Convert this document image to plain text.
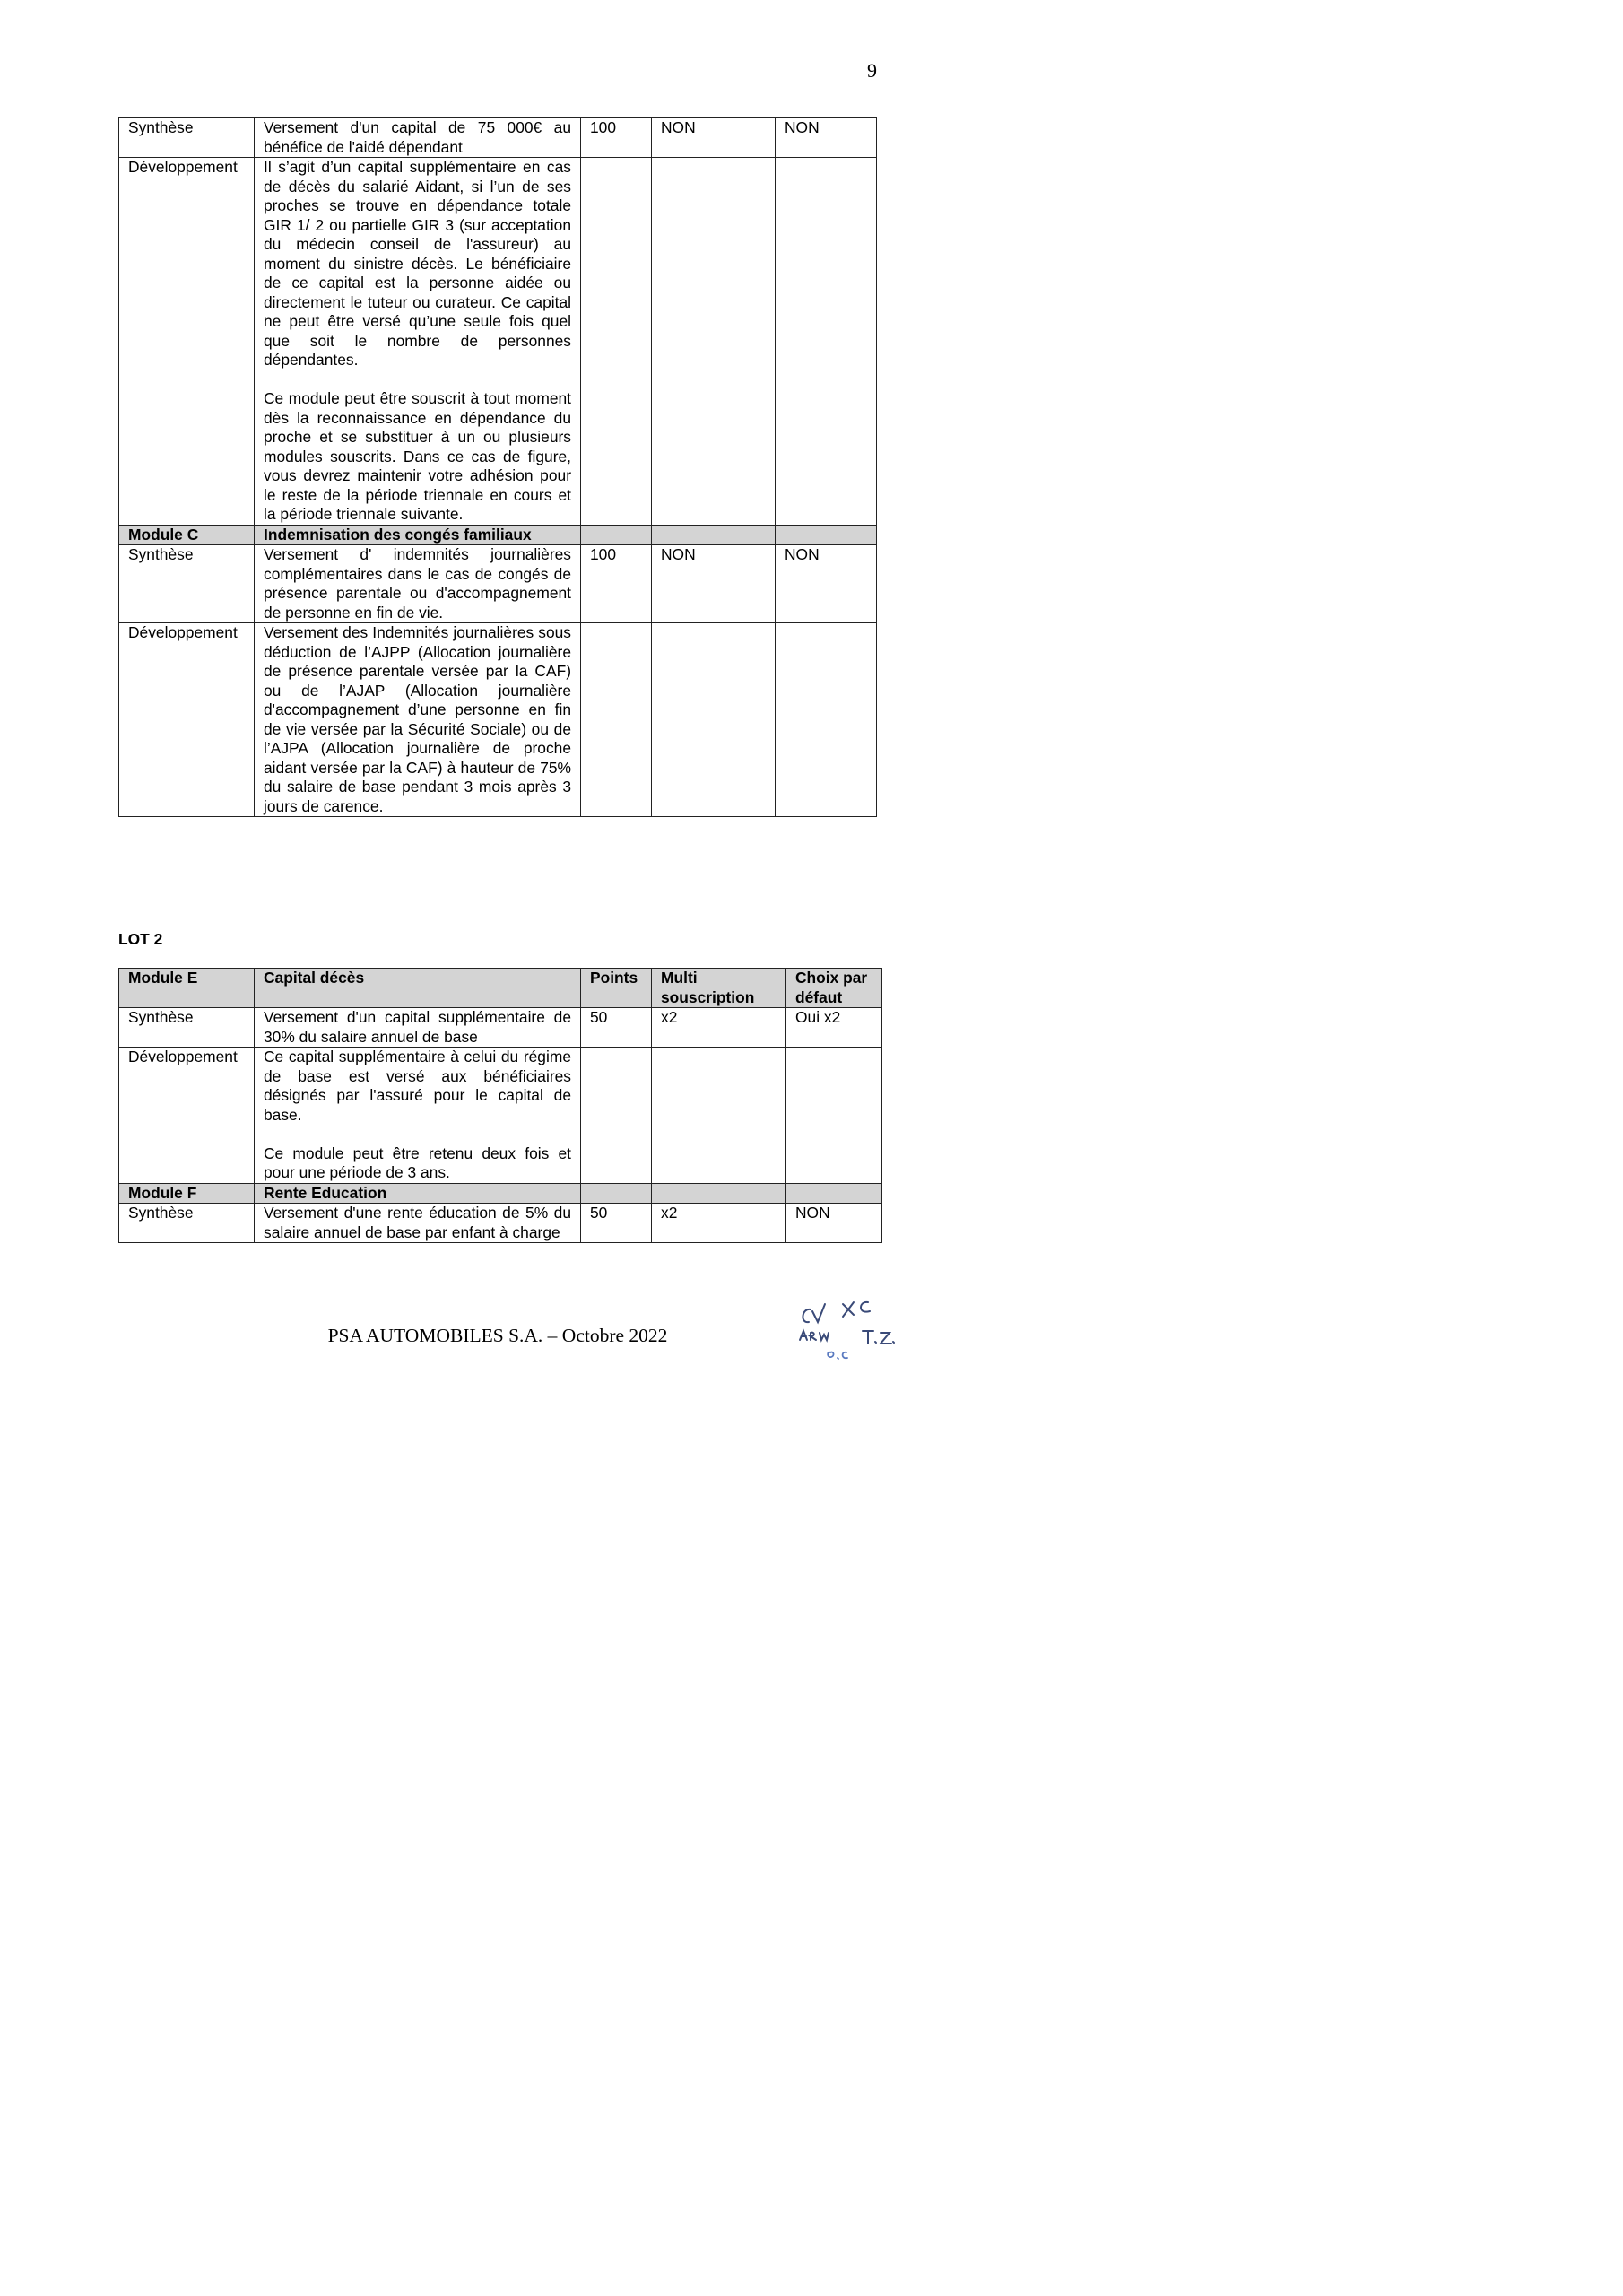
9
Synthèse	Versement d'un capital de 75 000€ au bénéfice de l'aidé dépendant	100	NON	NON
Développement	Il s’agit d’un capital supplémentaire en cas de décès du salarié Aidant, si l’un de ses proches se trouve en dépendance totale GIR 1/ 2 ou partielle GIR 3 (sur acceptation du médecin conseil de l'assureur) au moment du sinistre décès. Le bénéficiaire de ce capital est la personne aidée ou directement le tuteur ou curateur. Ce capital ne peut être versé qu’une seule fois quel que soit le nombre de personnes dépendantes.
Ce module peut être souscrit à tout moment dès la reconnaissance en dépendance du proche et se substituer à un ou plusieurs modules souscrits. Dans ce cas de figure, vous devrez maintenir votre adhésion pour le reste de la période triennale en cours et la période triennale suivante.			

Module C	Indemnisation des congés familiaux			

Synthèse	Versement d' indemnités journalières complémentaires dans le cas de congés de présence parentale ou d'accompagnement de personne en fin de vie.	100	NON	NON
Développement	Versement des Indemnités journalières sous déduction de l’AJPP (Allocation journalière de présence parentale versée par la CAF) ou de l’AJAP (Allocation journalière d'accompagnement d’une personne en fin de vie versée par la Sécurité Sociale) ou de l’AJPA (Allocation journalière de proche aidant versée par la CAF) à hauteur de 75% du salaire de base pendant 3 mois après 3 jours de carence.			

LOT 2
Module E	Capital décès	Points	Multi souscription	Choix par défaut
Synthèse	Versement d'un capital supplémentaire de 30% du salaire annuel de base	50	x2	Oui x2
Développement	Ce capital supplémentaire à celui du régime de base est versé aux bénéficiaires désignés par l'assuré pour le capital de base.
Ce module peut être retenu deux fois et pour une période de 3 ans.			

Module F	Rente Education			

Synthèse	Versement d'une rente éducation de 5% du salaire annuel de base par enfant à charge	50	x2	NON
PSA AUTOMOBILES S.A. – Octobre 2022
